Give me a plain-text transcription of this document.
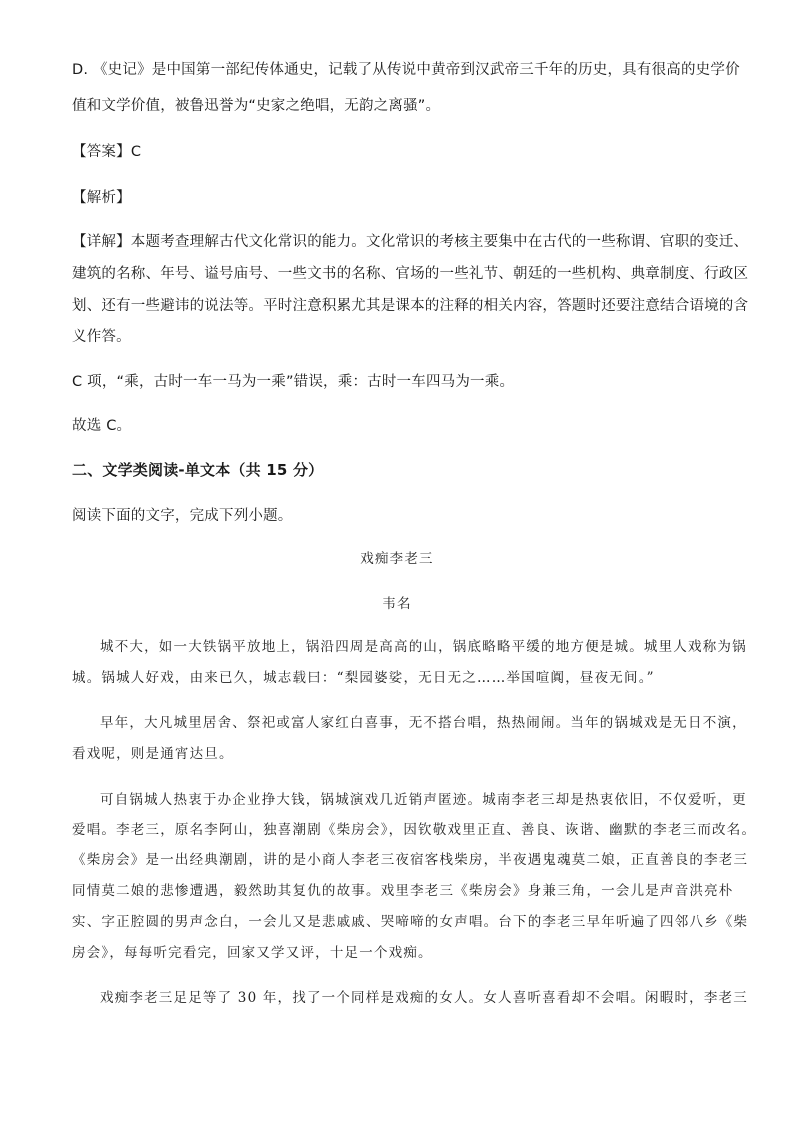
D. 《史记》是中国第一部纪传体通史，记载了从传说中黄帝到汉武帝三千年的历史，具有很高的史学价
值和文学价值，被鲁迅誉为“史家之绝唱，无韵之离骚”。
【答案】C
【解析】
【详解】本题考查理解古代文化常识的能力。文化常识的考核主要集中在古代的一些称谓、官职的变迁、
建筑的名称、年号、谥号庙号、一些文书的名称、官场的一些礼节、朝廷的一些机构、典章制度、行政区
划、还有一些避讳的说法等。平时注意积累尤其是课本的注释的相关内容，答题时还要注意结合语境的含
义作答。
C 项，“乘，古时一车一马为一乘”错误，乘：古时一车四马为一乘。
故选 C。
二、文学类阅读-单文本（共 15 分）
阅读下面的文字，完成下列小题。
戏痴李老三
韦名
城不大，如一大铁锅平放地上，锅沿四周是高高的山，锅底略略平缓的地方便是城。城里人戏称为锅
城。锅城人好戏，由来已久，城志载曰：“梨园婆娑，无日无之……举国喧阗，昼夜无间。”
早年，大凡城里居舍、祭祀或富人家红白喜事，无不搭台唱，热热闹闹。当年的锅城戏是无日不演，
看戏呢，则是通宵达旦。
可自锅城人热衷于办企业挣大钱，锅城演戏几近销声匿迹。城南李老三却是热衷依旧，不仅爱听，更
爱唱。李老三，原名李阿山，独喜潮剧《柴房会》，因钦敬戏里正直、善良、诙谐、幽默的李老三而改名。
《柴房会》是一出经典潮剧，讲的是小商人李老三夜宿客栈柴房，半夜遇鬼魂莫二娘，正直善良的李老三
同情莫二娘的悲惨遭遇，毅然助其复仇的故事。戏里李老三《柴房会》身兼三角，一会儿是声音洪亮朴
实、字正腔圆的男声念白，一会儿又是悲戚戚、哭啼啼的女声唱。台下的李老三早年听遍了四邻八乡《柴
房会》，每每听完看完，回家又学又评，十足一个戏痴。
戏痴李老三足足等了 30 年，找了一个同样是戏痴的女人。女人喜听喜看却不会唱。闲暇时，李老三
